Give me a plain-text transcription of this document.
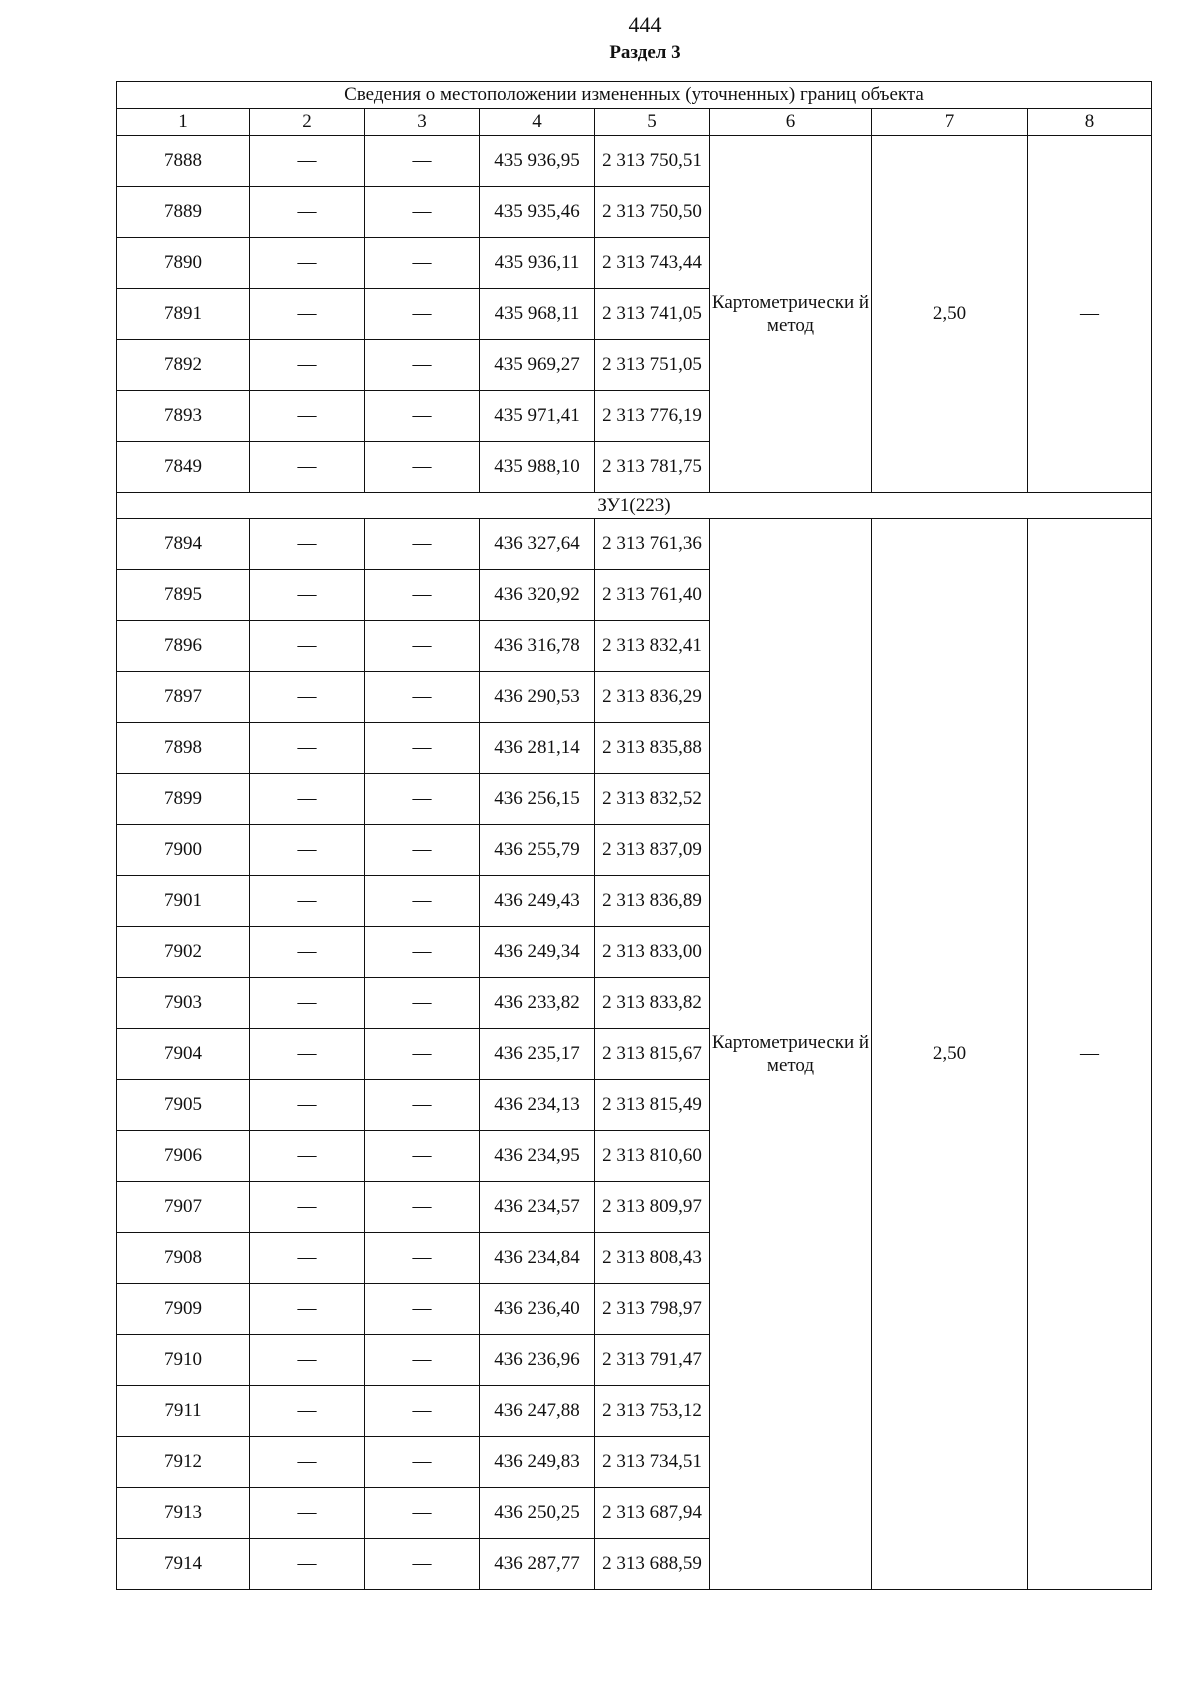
444
Раздел 3
Сведения о местоположении измененных (уточненных) границ объекта							
1	2	3	4	5	6	7	8
7888	—	—	435 936,95	2 313 750,51	Картометрически й метод	2,50	—
7889	—	—	435 935,46	2 313 750,50			
7890	—	—	435 936,11	2 313 743,44			
7891	—	—	435 968,11	2 313 741,05			
7892	—	—	435 969,27	2 313 751,05			
7893	—	—	435 971,41	2 313 776,19			
7849	—	—	435 988,10	2 313 781,75			
ЗУ1(223)							
7894	—	—	436 327,64	2 313 761,36	Картометрически й метод	2,50	—
7895	—	—	436 320,92	2 313 761,40			
7896	—	—	436 316,78	2 313 832,41			
7897	—	—	436 290,53	2 313 836,29			
7898	—	—	436 281,14	2 313 835,88			
7899	—	—	436 256,15	2 313 832,52			
7900	—	—	436 255,79	2 313 837,09			
7901	—	—	436 249,43	2 313 836,89			
7902	—	—	436 249,34	2 313 833,00			
7903	—	—	436 233,82	2 313 833,82			
7904	—	—	436 235,17	2 313 815,67			
7905	—	—	436 234,13	2 313 815,49			
7906	—	—	436 234,95	2 313 810,60			
7907	—	—	436 234,57	2 313 809,97			
7908	—	—	436 234,84	2 313 808,43			
7909	—	—	436 236,40	2 313 798,97			
7910	—	—	436 236,96	2 313 791,47			
7911	—	—	436 247,88	2 313 753,12			
7912	—	—	436 249,83	2 313 734,51			
7913	—	—	436 250,25	2 313 687,94			
7914	—	—	436 287,77	2 313 688,59			
